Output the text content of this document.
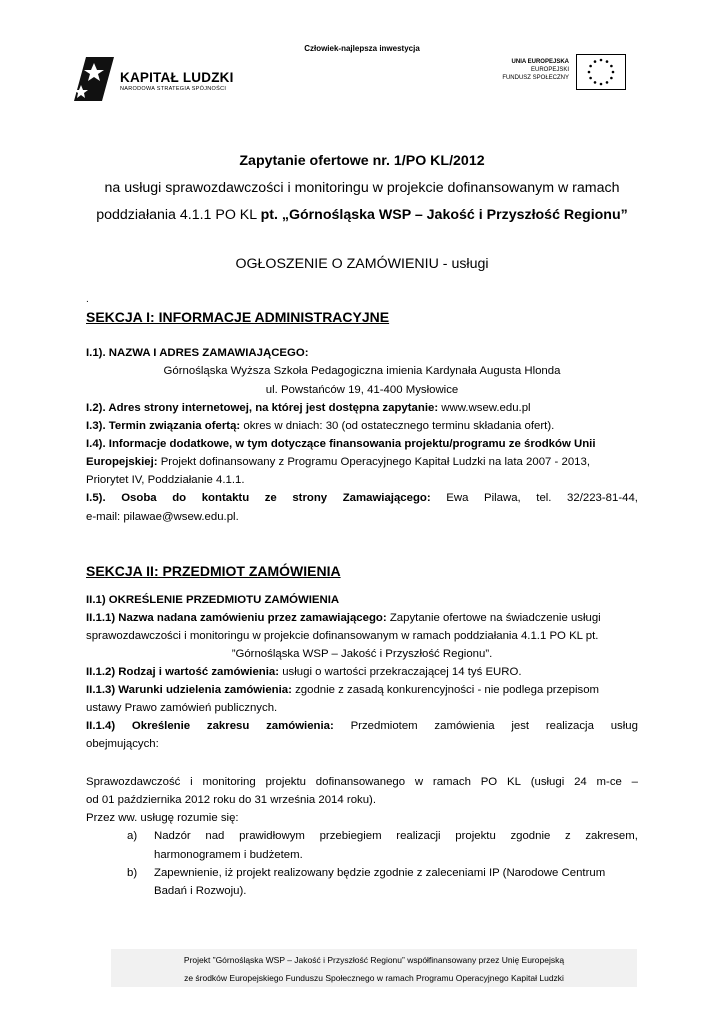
Człowiek-najlepsza inwestycja
KAPITAŁ LUDZKI
NARODOWA STRATEGIA SPÓJNOŚCI
UNIA EUROPEJSKA
EUROPEJSKI
FUNDUSZ SPOŁECZNY
Zapytanie ofertowe nr. 1/PO KL/2012
na usługi sprawozdawczości i monitoringu w projekcie dofinansowanym w ramach
poddziałania 4.1.1 PO KL pt. „Górnośląska WSP – Jakość i Przyszłość Regionu”
OGŁOSZENIE O ZAMÓWIENIU - usługi
.
SEKCJA I: INFORMACJE ADMINISTRACYJNE
I.1). NAZWA I ADRES ZAMAWIAJĄCEGO:
Górnośląska Wyższa Szkoła Pedagogiczna imienia Kardynała Augusta Hlonda
ul. Powstańców 19, 41-400 Mysłowice
I.2). Adres strony internetowej, na której jest dostępna zapytanie: www.wsew.edu.pl
I.3). Termin związania ofertą: okres w dniach: 30 (od ostatecznego terminu składania ofert).
I.4). Informacje dodatkowe, w tym dotyczące finansowania projektu/programu ze środków Unii
Europejskiej: Projekt dofinansowany z Programu Operacyjnego Kapitał Ludzki na lata 2007 - 2013,
Priorytet IV, Poddziałanie 4.1.1.
I.5). Osoba do kontaktu ze strony Zamawiającego: Ewa Pilawa, tel. 32/223-81-44,
e-mail: pilawae@wsew.edu.pl.
SEKCJA II: PRZEDMIOT ZAMÓWIENIA
II.1) OKREŚLENIE PRZEDMIOTU ZAMÓWIENIA
II.1.1) Nazwa nadana zamówieniu przez zamawiającego: Zapytanie ofertowe na świadczenie usługi
sprawozdawczości i monitoringu w projekcie dofinansowanym w ramach poddziałania 4.1.1 PO KL pt.
”Górnośląska WSP – Jakość i Przyszłość Regionu”.
II.1.2) Rodzaj i wartość zamówienia: usługi o wartości przekraczającej 14 tyś EURO.
II.1.3) Warunki udzielenia zamówienia: zgodnie z zasadą konkurencyjności - nie podlega przepisom
ustawy Prawo zamówień publicznych.
II.1.4) Określenie zakresu zamówienia: Przedmiotem zamówienia jest realizacja usług
obejmujących:
Sprawozdawczość i monitoring projektu dofinansowanego w ramach PO KL (usługi 24 m-ce –
od 01 października 2012 roku do 31 września 2014 roku).
Przez ww. usługę rozumie się:
a) Nadzór nad prawidłowym przebiegiem realizacji projektu zgodnie z zakresem,
harmonogramem i budżetem.
b) Zapewnienie, iż projekt realizowany będzie zgodnie z zaleceniami IP (Narodowe Centrum
Badań i Rozwoju).
Projekt ”Górnośląska WSP – Jakość i Przyszłość Regionu” współfinansowany przez Unię Europejską
ze środków Europejskiego Funduszu Społecznego w ramach Programu Operacyjnego Kapitał Ludzki
